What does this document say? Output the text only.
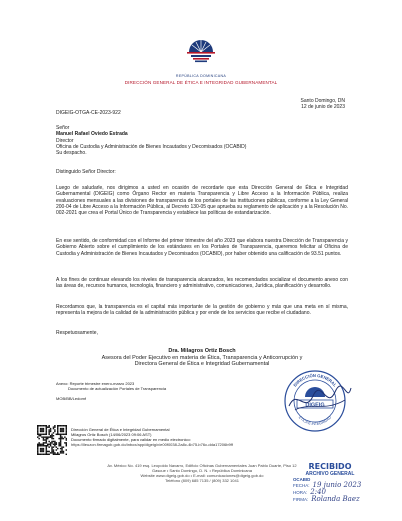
REPÚBLICA DOMINICANA
DIRECCIÓN GENERAL DE ÉTICA E INTEGRIDAD GUBERNAMENTAL
Santo Domingo, DN
12 de junio de 2023
DIGEIG-OTGA-CE-2023-922
Señor
Manuel Rafael Oviedo Estrada
Director
Oficina de Custodia y Administración de Bienes Incautados y Decomisados (OCABID)
Su despacho.
Distinguido Señor Director:
Luego de saludarle, nos dirigimos a usted en ocasión de recordarle que esta Dirección General de Ética e Integridad Gubernamental (DIGEIG) como Órgano Rector en materia Transparencia y Libre Acceso a la Información Pública, realiza evaluaciones mensuales a las divisiones de transparencia de los portales de las instituciones públicas, conforme a la Ley General 200-04 de Libre Acceso a la Información Pública, al Decreto 130-05 que aprueba su reglamento de aplicación y a la Resolución No. 002-2021 que crea el Portal Único de Transparencia y establece las políticas de estandarización.
En ese sentido, de conformidad con el Informe del primer trimestre del año 2023 que elabora nuestra Dirección de Transparencia y Gobierno Abierto sobre el cumplimiento de los estándares en los Portales de Transparencia, queremos felicitar al Oficina de Custodia y Administración de Bienes Incautados y Decomisados (OCABID), por haber obtenido una calificación de 93.51 puntos.
A los fines de continuar elevando los niveles de transparencia alcanzados, les recomendados socializar el documento anexo con las áreas de, recursos humanos, tecnología, financiero y administrativo, comunicaciones, Jurídica, planificación y desarrollo.
Recordamos que, la transparencia es el capital más importante de la gestión de gobierno y más que una meta en sí misma, representa la mejora de la calidad de la administración pública y por ende de los servicios que recibe el ciudadano.
Respetuosamente,
Dra. Milagros Ortiz Bosch
Asesora del Poder Ejecutivo en materia de Ética, Transparencia y Anticorrupción y
Directora General de Ética e Integridad Gubernamental
Anexo: Reporte trimestre enero-marzo 2023
Documento de actualización Portales de Transparencia
MOB/BB/Ledomf
DIRECCIÓN GENERAL
DIGEIG
ÉTICA E INTEGRIDAD
Dirección General de Ética e Integridad Gubernamental
Milagros Ortiz Bosch (14/06/2023 09:06 AST)
Documento firmado digitalmente, para validar en medio electronico:
https://lleuzon.firmagob.gob.do/inbox/app/digeig/v/e00f0038-2a8c-4b75-b76c-dda17206b9ff
Av. México No. 419 esq. Leopoldo Navarro, Edificio Oficinas Gubernamentales Juan Pablo Duarte, Piso 12
Gascue • Santo Domingo, D. N. • República Dominicana
Website www.digeig.gob.do • E-mail: comunicaciones@digeig.gob.do
Teléfono (809) 685 7135 / (809) 332 1041
RECIBIDO
ARCHIVO GENERAL
OCABID
FECHA: 19 junio 2023
HORA: 2:40
FIRMA: Rolanda Baez
